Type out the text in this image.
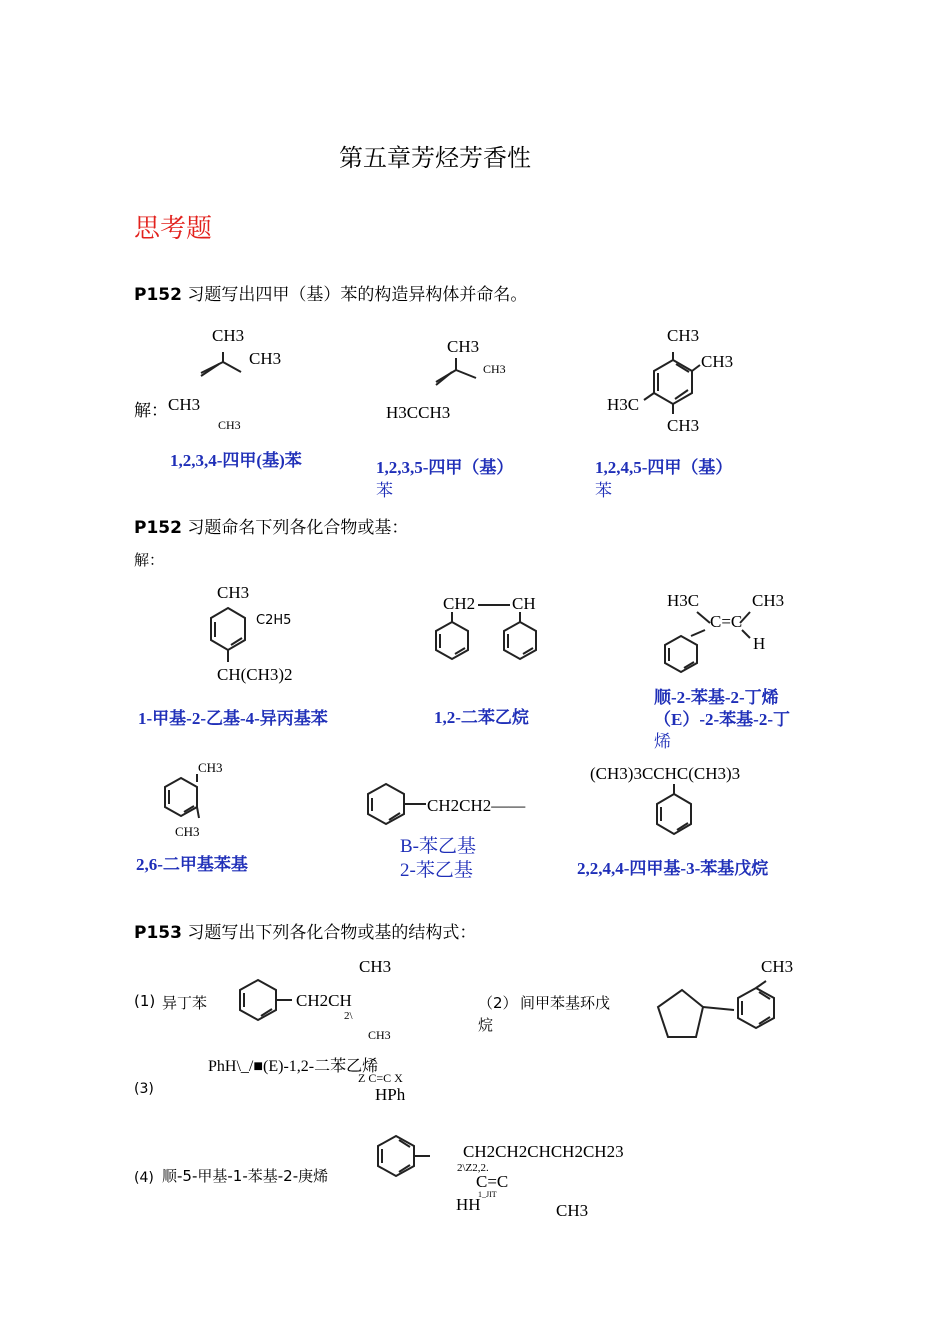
第五章芳烃芳香性
思考题
P152 习题写出四甲（基）苯的构造异构体并命名。
CH3
CH3
解： CH3
CH3
1,2,3,4-四甲(基)苯
CH3
CH3
H3CCH3
1,2,3,5-四甲（基）
苯
CH3
CH3
H3C
CH3
1,2,4,5-四甲（基）
苯
P152 习题命名下列各化合物或基：
解：
CH3
C2H5
CH(CH3)2
1-甲基-2-乙基-4-异丙基苯
CH2 CH
1,2-二苯乙烷
H3C	CH3
C=C
H
顺-2-苯基-2-丁烯
（E）-2-苯基-2-丁
烯
CH3
CH3
2,6-二甲基苯基
CH2CH2——
B-苯乙基
2-苯乙基
(CH3)3CCHC(CH3)3
2,2,4,4-四甲基-3-苯基戊烷
P153 习题写出下列各化合物或基的结构式：
(1) 异丁苯
CH3
CH2CH
2\
CH3
（2） 间甲苯基环戊
烷
CH3
(3)
PhH\_/■(E)-1,2-二苯乙烯
Z C=C X
HPh
(4) 顺-5-甲基-1-苯基-2-庚烯
CH2CH2CHCH2CH23
2\Z2,2.
C=C
1_JIT
HH	CH3
